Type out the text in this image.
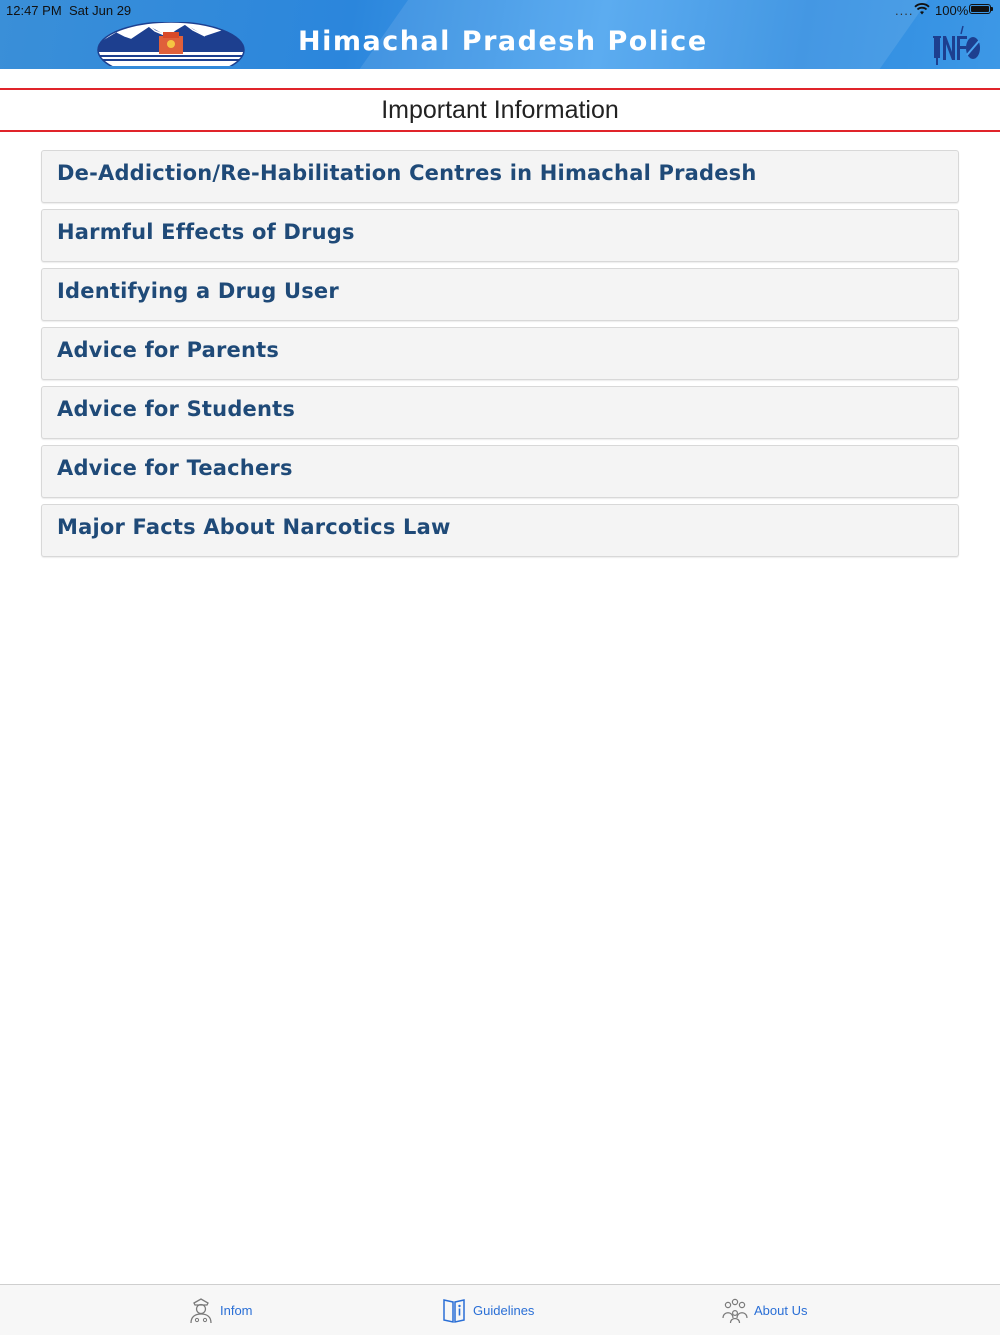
12:47 PM Sat Jun 29	.... 100%
Himachal Pradesh Police
Important Information
De-Addiction/Re-Habilitation Centres in Himachal Pradesh
Harmful Effects of Drugs
Identifying a Drug User
Advice for Parents
Advice for Students
Advice for Teachers
Major Facts About Narcotics Law
Infom	Guidelines	About Us
